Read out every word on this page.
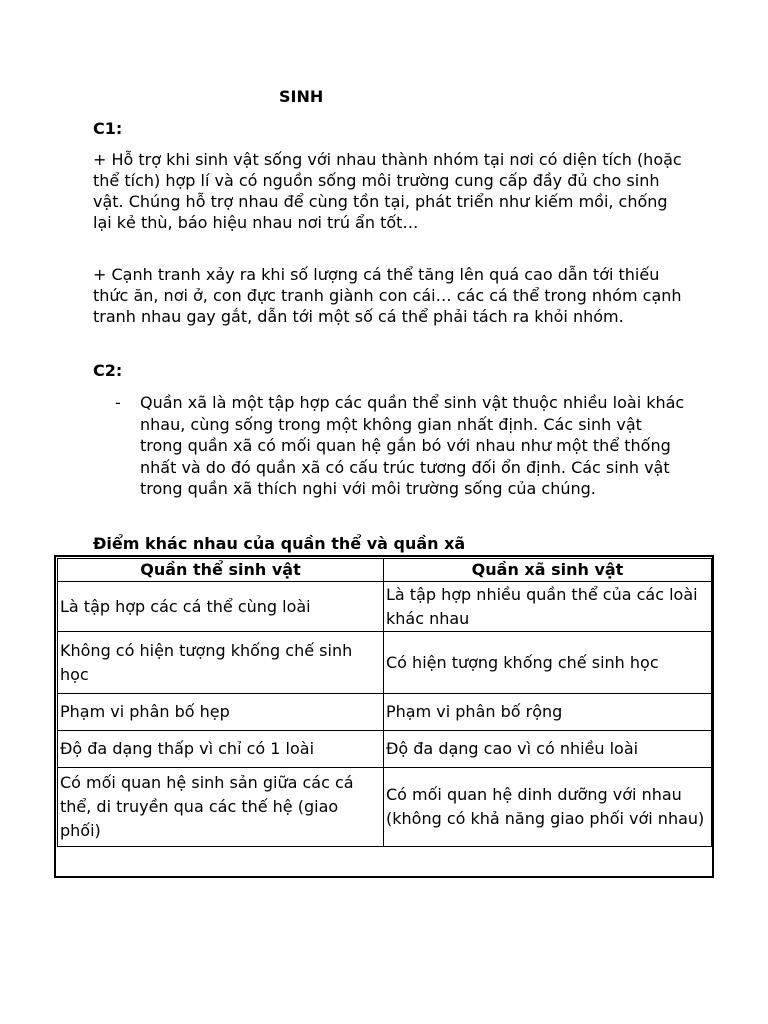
SINH
C1:

+ Hỗ trợ khi sinh vật sống với nhau thành nhóm tại nơi có diện tích (hoặc thể tích) hợp lí và có nguồn sống môi trường cung cấp đầy đủ cho sinh vật. Chúng hỗ trợ nhau để cùng tồn tại, phát triển như kiếm mồi, chống lại kẻ thù, báo hiệu nhau nơi trú ẩn tốt…

+ Cạnh tranh xảy ra khi số lượng cá thể tăng lên quá cao dẫn tới thiếu thức ăn, nơi ở, con đực tranh giành con cái… các cá thể trong nhóm cạnh tranh nhau gay gắt, dẫn tới một số cá thể phải tách ra khỏi nhóm.

C2:
- Quần xã là một tập hợp các quần thể sinh vật thuộc nhiều loài khác nhau, cùng sống trong một không gian nhất định. Các sinh vật trong quần xã có mối quan hệ gắn bó với nhau như một thể thống nhất và do đó quần xã có cấu trúc tương đối ổn định. Các sinh vật trong quần xã thích nghi với môi trường sống của chúng.

Điểm khác nhau của quần thể và quần xã

Quần thể sinh vật	Quần xã sinh vật
Là tập hợp các cá thể cùng loài	Là tập hợp nhiều quần thể của các loài khác nhau
Không có hiện tượng khống chế sinh học	Có hiện tượng khống chế sinh học
Phạm vi phân bố hẹp	Phạm vi phân bố rộng
Độ đa dạng thấp vì chỉ có 1 loài	Độ đa dạng cao vì có nhiều loài
Có mối quan hệ sinh sản giữa các cá thể, di truyền qua các thế hệ (giao phối)	Có mối quan hệ dinh dưỡng với nhau (không có khả năng giao phối với nhau)
